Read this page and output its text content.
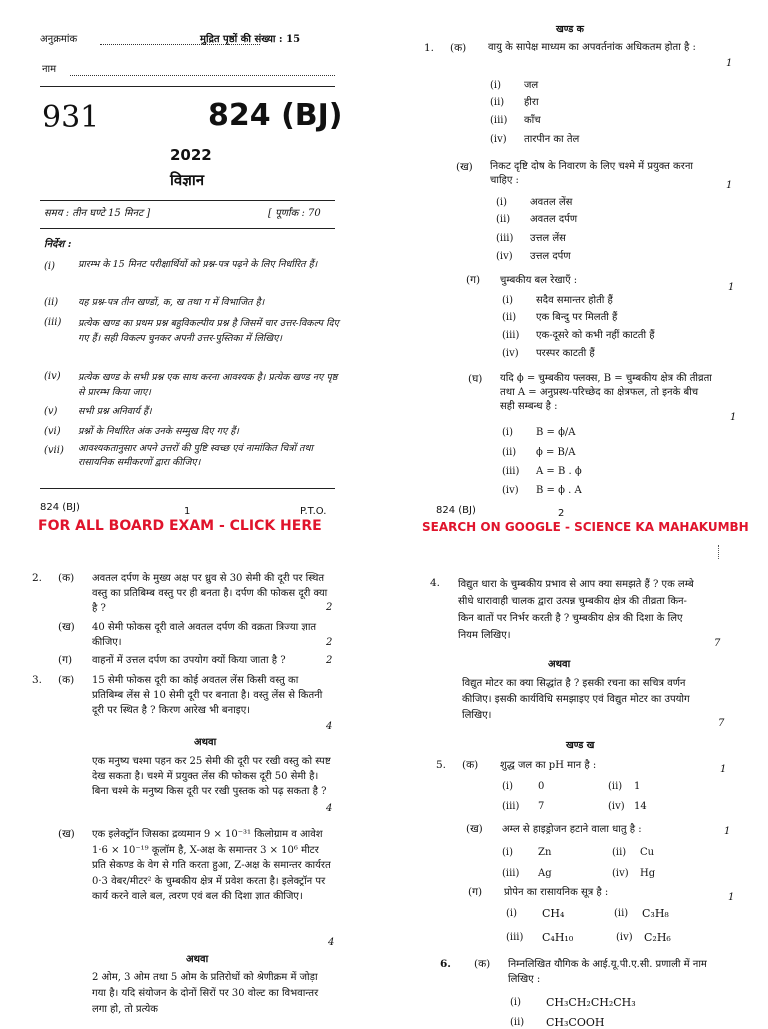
अनुक्रमांक	मुद्रित पृष्ठों की संख्या : 15
नाम
931	824 (BJ)
2022
विज्ञान
समय : तीन घण्टे 15 मिनट ]	[ पूर्णांक : 70
निर्देश :
(i) प्रारम्भ के 15 मिनट परीक्षार्थियों को प्रश्न-पत्र पढ़ने के लिए निर्धारित हैं।
(ii) यह प्रश्न-पत्र तीन खण्डों, क, ख तथा ग में विभाजित है।
(iii) प्रत्येक खण्ड का प्रथम प्रश्न बहुविकल्पीय प्रश्न है जिसमें चार उत्तर-विकल्प दिए गए हैं। सही विकल्प चुनकर अपनी उत्तर-पुस्तिका में लिखिए।
(iv) प्रत्येक खण्ड के सभी प्रश्न एक साथ करना आवश्यक है। प्रत्येक खण्ड नए पृष्ठ से प्रारम्भ किया जाए।
(v) सभी प्रश्न अनिवार्य हैं।
(vi) प्रश्नों के निर्धारित अंक उनके सम्मुख दिए गए हैं।
(vii) आवश्यकतानुसार अपने उत्तरों की पुष्टि स्वच्छ एवं नामांकित चित्रों तथा रासायनिक समीकरणों द्वारा कीजिए।
824 (BJ)	1	P.T.O.
FOR ALL BOARD EXAM - CLICK HERE	SEARCH ON GOOGLE - SCIENCE KA MAHAKUMBH
खण्ड क
1. (क) वायु के सापेक्ष माध्यम का अपवर्तनांक अधिकतम होता है :
1
(i) जल
(ii) हीरा
(iii) काँच
(iv) तारपीन का तेल
(ख) निकट दृष्टि दोष के निवारण के लिए चश्मे में प्रयुक्त करना चाहिए :	1
(i) अवतल लेंस
(ii) अवतल दर्पण
(iii) उत्तल लेंस
(iv) उत्तल दर्पण
(ग) चुम्बकीय बल रेखाएँ :
1
(i) सदैव समान्तर होती हैं
(ii) एक बिन्दु पर मिलती हैं
(iii) एक-दूसरे को कभी नहीं काटती हैं
(iv) परस्पर काटती हैं
(घ) यदि ϕ = चुम्बकीय फ्लक्स, B = चुम्बकीय क्षेत्र की तीव्रता तथा A = अनुप्रस्थ-परिच्छेद का क्षेत्रफल, तो इनके बीच सही सम्बन्ध है :
1
(i) B = ϕ/A
(ii) ϕ = B/A
(iii) A = B . ϕ
(iv) B = ϕ . A
824 (BJ)	2
2. (क) अवतल दर्पण के मुख्य अक्ष पर ध्रुव से 30 सेमी की दूरी पर स्थित वस्तु का प्रतिबिम्ब वस्तु पर ही बनता है। दर्पण की फोकस दूरी क्या है ?	2
(ख) 40 सेमी फोकस दूरी वाले अवतल दर्पण की वक्रता त्रिज्या ज्ञात कीजिए।	2
(ग) वाहनों में उत्तल दर्पण का उपयोग क्यों किया जाता है ?	2
3. (क) 15 सेमी फोकस दूरी का कोई अवतल लेंस किसी वस्तु का प्रतिबिम्ब लेंस से 10 सेमी दूरी पर बनाता है। वस्तु लेंस से कितनी दूरी पर स्थित है ? किरण आरेख भी बनाइए।
4
अथवा
एक मनुष्य चश्मा पहन कर 25 सेमी की दूरी पर रखी वस्तु को स्पष्ट देख सकता है। चश्मे में प्रयुक्त लेंस की फोकस दूरी 50 सेमी है। बिना चश्मे के मनुष्य किस दूरी पर रखी पुस्तक को पढ़ सकता है ?
4
(ख) एक इलेक्ट्रॉन जिसका द्रव्यमान 9 × 10⁻³¹ किलोग्राम व आवेश 1·6 × 10⁻¹⁹ कूलॉम है, X-अक्ष के समान्तर 3 × 10⁶ मीटर प्रति सेकण्ड के वेग से गति करता हुआ, Z-अक्ष के समान्तर कार्यरत 0·3 वेबर/मीटर² के चुम्बकीय क्षेत्र में प्रवेश करता है। इलेक्ट्रॉन पर कार्य करने वाले बल, त्वरण एवं बल की दिशा ज्ञात कीजिए।
4
अथवा
2 ओम, 3 ओम तथा 5 ओम के प्रतिरोधों को श्रेणीक्रम में जोड़ा गया है। यदि संयोजन के दोनों सिरों पर 30 वोल्ट का विभवान्तर लगा हो, तो प्रत्येक
4. विद्युत धारा के चुम्बकीय प्रभाव से आप क्या समझते हैं ? एक लम्बे सीधे धारावाही चालक द्वारा उत्पन्न चुम्बकीय क्षेत्र की तीव्रता किन-किन बातों पर निर्भर करती है ? चुम्बकीय क्षेत्र की दिशा के लिए नियम लिखिए।
7
अथवा
विद्युत मोटर का क्या सिद्धांत है ? इसकी रचना का सचित्र वर्णन कीजिए। इसकी कार्यविधि समझाइए एवं विद्युत मोटर का उपयोग लिखिए।
7
खण्ड ख
5. (क) शुद्ध जल का pH मान है :	1
(i) 0	(ii) 1
(iii) 7	(iv) 14
(ख) अम्ल से हाइड्रोजन हटाने वाला धातु है :	1
(i) Zn	(ii) Cu
(iii) Ag	(iv) Hg
(ग) प्रोपेन का रासायनिक सूत्र है :	1
(i) CH₄	(ii) C₃H₈
(iii) C₄H₁₀	(iv) C₂H₆
6. (क) निम्नलिखित यौगिक के आई.यू.पी.ए.सी. प्रणाली में नाम लिखिए :
(i) CH₃CH₂CH₂CH₃
(ii) CH₃COOH
